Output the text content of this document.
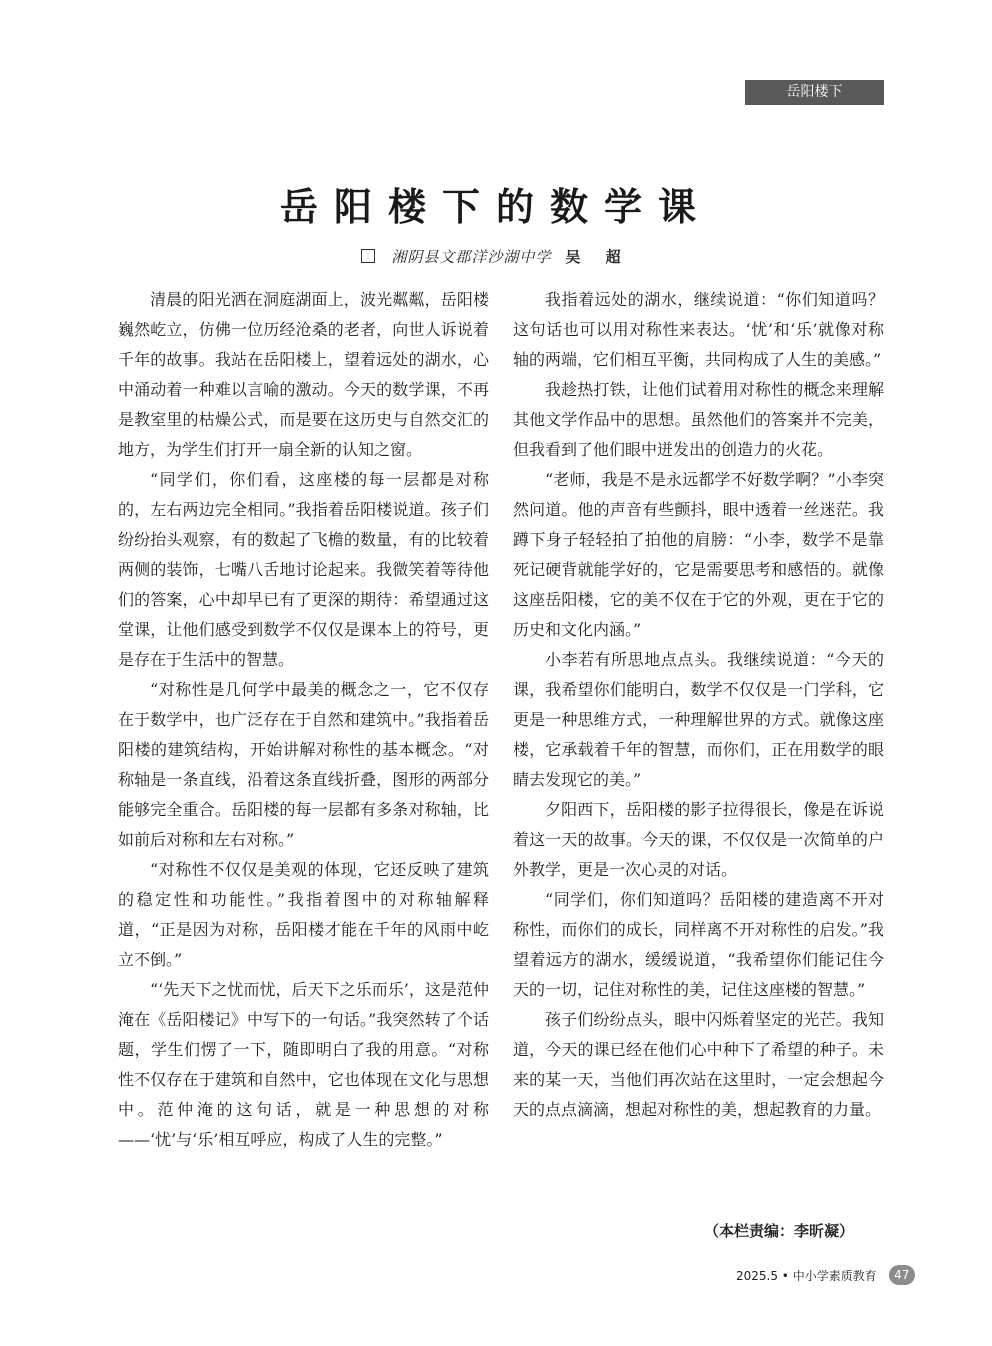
岳阳楼下
岳阳楼下的数学课
湘阴县文郡洋沙湖中学 吴 超

清晨的阳光洒在洞庭湖面上，波光粼粼，岳阳楼巍然屹立，仿佛一位历经沧桑的老者，向世人诉说着千年的故事。我站在岳阳楼上，望着远处的湖水，心中涌动着一种难以言喻的激动。今天的数学课，不再是教室里的枯燥公式，而是要在这历史与自然交汇的地方，为学生们打开一扇全新的认知之窗。

“同学们，你们看，这座楼的每一层都是对称的，左右两边完全相同。”我指着岳阳楼说道。孩子们纷纷抬头观察，有的数起了飞檐的数量，有的比较着两侧的装饰，七嘴八舌地讨论起来。我微笑着等待他们的答案，心中却早已有了更深的期待：希望通过这堂课，让他们感受到数学不仅仅是课本上的符号，更是存在于生活中的智慧。

“对称性是几何学中最美的概念之一，它不仅存在于数学中，也广泛存在于自然和建筑中。”我指着岳阳楼的建筑结构，开始讲解对称性的基本概念。“对称轴是一条直线，沿着这条直线折叠，图形的两部分能够完全重合。岳阳楼的每一层都有多条对称轴，比如前后对称和左右对称。”

“对称性不仅仅是美观的体现，它还反映了建筑的稳定性和功能性。”我指着图中的对称轴解释道，“正是因为对称，岳阳楼才能在千年的风雨中屹立不倒。”

“‘先天下之忧而忧，后天下之乐而乐’，这是范仲淹在《岳阳楼记》中写下的一句话。”我突然转了个话题，学生们愣了一下，随即明白了我的用意。“对称性不仅存在于建筑和自然中，它也体现在文化与思想中。范仲淹的这句话，就是一种思想的对称——‘忧’与‘乐’相互呼应，构成了人生的完整。”

我指着远处的湖水，继续说道：“你们知道吗？这句话也可以用对称性来表达。‘忧’和‘乐’就像对称轴的两端，它们相互平衡，共同构成了人生的美感。”

我趁热打铁，让他们试着用对称性的概念来理解其他文学作品中的思想。虽然他们的答案并不完美，但我看到了他们眼中迸发出的创造力的火花。

“老师，我是不是永远都学不好数学啊？”小李突然问道。他的声音有些颤抖，眼中透着一丝迷茫。我蹲下身子轻轻拍了拍他的肩膀：“小李，数学不是靠死记硬背就能学好的，它是需要思考和感悟的。就像这座岳阳楼，它的美不仅在于它的外观，更在于它的历史和文化内涵。”

小李若有所思地点点头。我继续说道：“今天的课，我希望你们能明白，数学不仅仅是一门学科，它更是一种思维方式，一种理解世界的方式。就像这座楼，它承载着千年的智慧，而你们，正在用数学的眼睛去发现它的美。”

夕阳西下，岳阳楼的影子拉得很长，像是在诉说着这一天的故事。今天的课，不仅仅是一次简单的户外教学，更是一次心灵的对话。

“同学们，你们知道吗？岳阳楼的建造离不开对称性，而你们的成长，同样离不开对称性的启发。”我望着远方的湖水，缓缓说道，“我希望你们能记住今天的一切，记住对称性的美，记住这座楼的智慧。”

孩子们纷纷点头，眼中闪烁着坚定的光芒。我知道，今天的课已经在他们心中种下了希望的种子。未来的某一天，当他们再次站在这里时，一定会想起今天的点点滴滴，想起对称性的美，想起教育的力量。

（本栏责编：李昕凝）
2025.5 • 中小学素质教育	47
